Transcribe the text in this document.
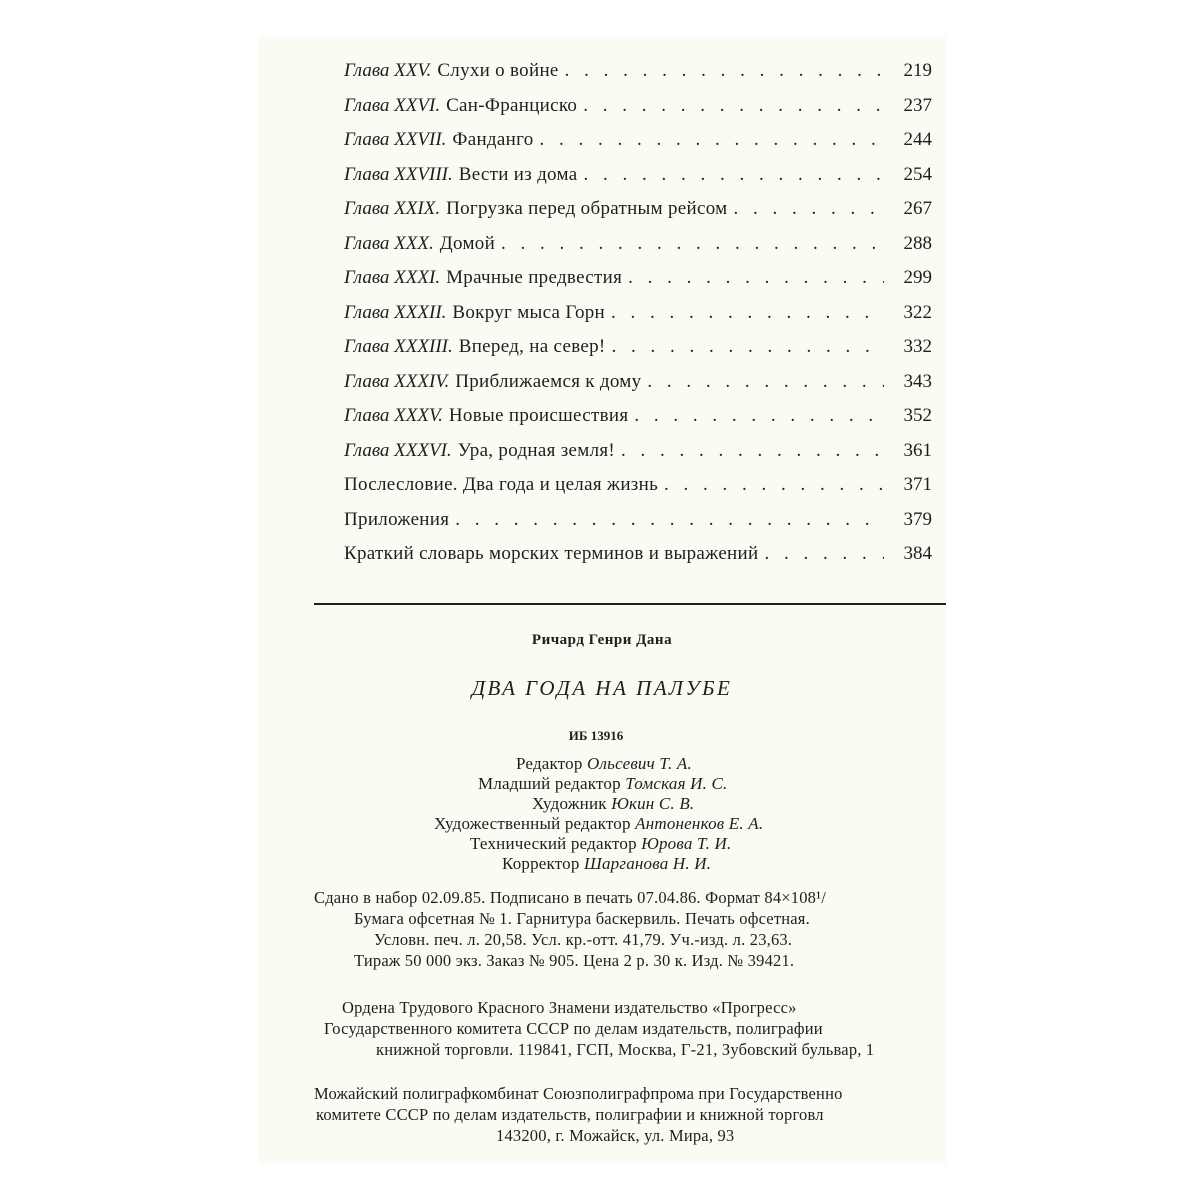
Глава XXV. Слухи о войне . . .	219
Глава XXVI. Сан-Франциско . . .	237
Глава XXVII. Фанданго . . .	244
Глава XXVIII. Вести из дома . . .	254
Глава XXIX. Погрузка перед обратным рейсом . . .	267
Глава XXX. Домой . . .	288
Глава XXXI. Мрачные предвестия . . .	299
Глава XXXII. Вокруг мыса Горн . . .	322
Глава XXXIII. Вперед, на север! . . .	332
Глава XXXIV. Приближаемся к дому . . .	343
Глава XXXV. Новые происшествия . . .	352
Глава XXXVI. Ура, родная земля! . . .	361
Послесловие. Два года и целая жизнь . . .	371
Приложения . . .	379
Краткий словарь морских терминов и выражений . . .	384
Ричард Генри Дана
ДВА ГОДА НА ПАЛУБЕ
ИБ 13916
Редактор Ольсевич Т. А.
Младший редактор Томская И. С.
Художник Юкин С. В.
Художественный редактор Антоненков Е. А.
Технический редактор Юрова Т. И.
Корректор Шарганова Н. И.
Сдано в набор 02.09.85. Подписано в печать 07.04.86. Формат 84×108¹/
Бумага офсетная № 1. Гарнитура баскервиль. Печать офсетная.
Условн. печ. л. 20,58. Усл. кр.-отт. 41,79. Уч.-изд. л. 23,63.
Тираж 50 000 экз. Заказ № 905. Цена 2 р. 30 к. Изд. № 39421.
Ордена Трудового Красного Знамени издательство «Прогресс»
Государственного комитета СССР по делам издательств, полиграфии
книжной торговли. 119841, ГСП, Москва, Г-21, Зубовский бульвар, 1
Можайский полиграфкомбинат Союзполиграфпрома при Государственно
комитете СССР по делам издательств, полиграфии и книжной торговл
143200, г. Можайск, ул. Мира, 93
